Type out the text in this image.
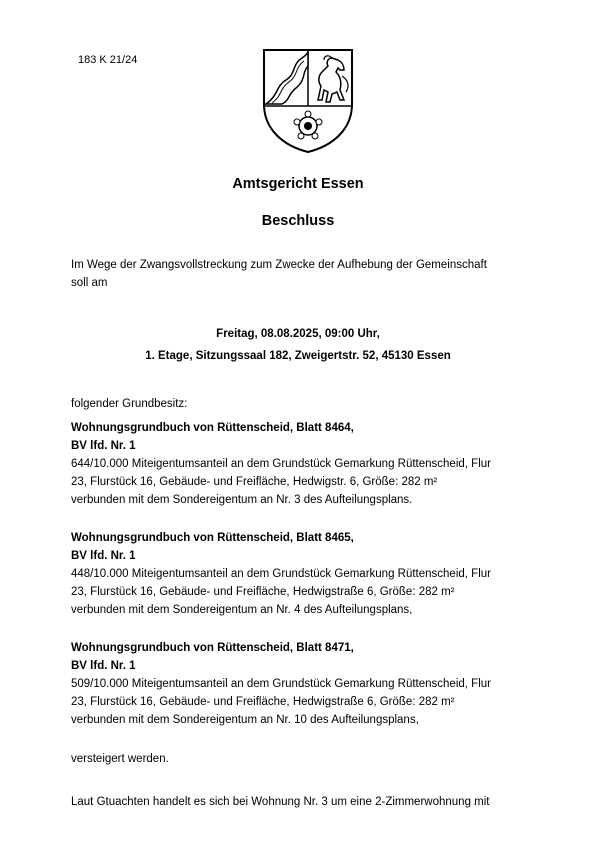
183 K 21/24
Amtsgericht Essen
Beschluss
Im Wege der Zwangsvollstreckung zum Zwecke der Aufhebung der Gemeinschaft
soll am
Freitag, 08.08.2025, 09:00 Uhr,
1. Etage, Sitzungssaal 182, Zweigertstr. 52, 45130 Essen
folgender Grundbesitz:
Wohnungsgrundbuch von Rüttenscheid, Blatt 8464,
BV lfd. Nr. 1
644/10.000 Miteigentumsanteil an dem Grundstück Gemarkung Rüttenscheid, Flur
23, Flurstück 16, Gebäude- und Freifläche, Hedwigstr. 6, Größe: 282 m²
verbunden mit dem Sondereigentum an Nr. 3 des Aufteilungsplans.
Wohnungsgrundbuch von Rüttenscheid, Blatt 8465,
BV lfd. Nr. 1
448/10.000 Miteigentumsanteil an dem Grundstück Gemarkung Rüttenscheid, Flur
23, Flurstück 16, Gebäude- und Freifläche, Hedwigstraße 6, Größe: 282 m²
verbunden mit dem Sondereigentum an Nr. 4 des Aufteilungsplans,
Wohnungsgrundbuch von Rüttenscheid, Blatt 8471,
BV lfd. Nr. 1
509/10.000 Miteigentumsanteil an dem Grundstück Gemarkung Rüttenscheid, Flur
23, Flurstück 16, Gebäude- und Freifläche, Hedwigstraße 6, Größe: 282 m²
verbunden mit dem Sondereigentum an Nr. 10 des Aufteilungsplans,
versteigert werden.
Laut Gtuachten handelt es sich bei Wohnung Nr. 3 um eine 2-Zimmerwohnung mit
